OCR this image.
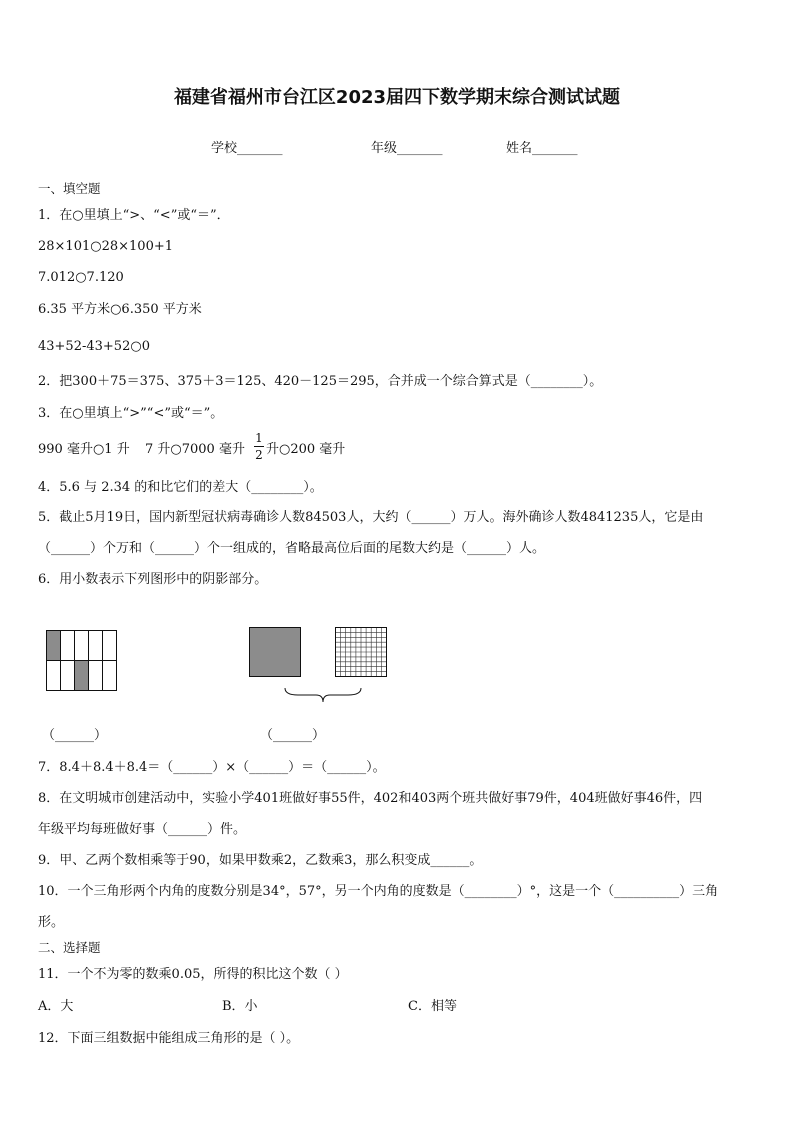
福建省福州市台江区2023届四下数学期末综合测试试题
学校_______	年级_______	姓名_______
一、填空题
1．在○里填上“>、“<”或“＝”．
28×101○28×100+1
7.012○7.120
6.35 平方米○6.350 平方米
43+52-43+52○0
2．把300＋75＝375、375＋3＝125、420－125＝295，合并成一个综合算式是（________）。
3．在○里填上“>”“<”或“＝”。
990 毫升○1 升 7 升○7000 毫升
1
2 升○200 毫升
4．5.6 与 2.34 的和比它们的差大（________）。
5．截止5月19日，国内新型冠状病毒确诊人数84503人，大约（______）万人。海外确诊人数4841235人，它是由
（______）个万和（______）个一组成的，省略最高位后面的尾数大约是（______）人。
6．用小数表示下列图形中的阴影部分。
（______）	（______）
7．8.4＋8.4＋8.4＝（______）×（______）＝（______）。
8．在文明城市创建活动中，实验小学401班做好事55件，402和403两个班共做好事79件，404班做好事46件，四
年级平均每班做好事（______）件。
9．甲、乙两个数相乘等于90，如果甲数乘2，乙数乘3，那么积变成______。
10．一个三角形两个内角的度数分别是34°，57°，另一个内角的度数是（________）°，这是一个（__________）三角
形。
二、选择题
11．一个不为零的数乘0.05，所得的积比这个数（ ）
A．大	B．小	C．相等
12．下面三组数据中能组成三角形的是（ ）。
